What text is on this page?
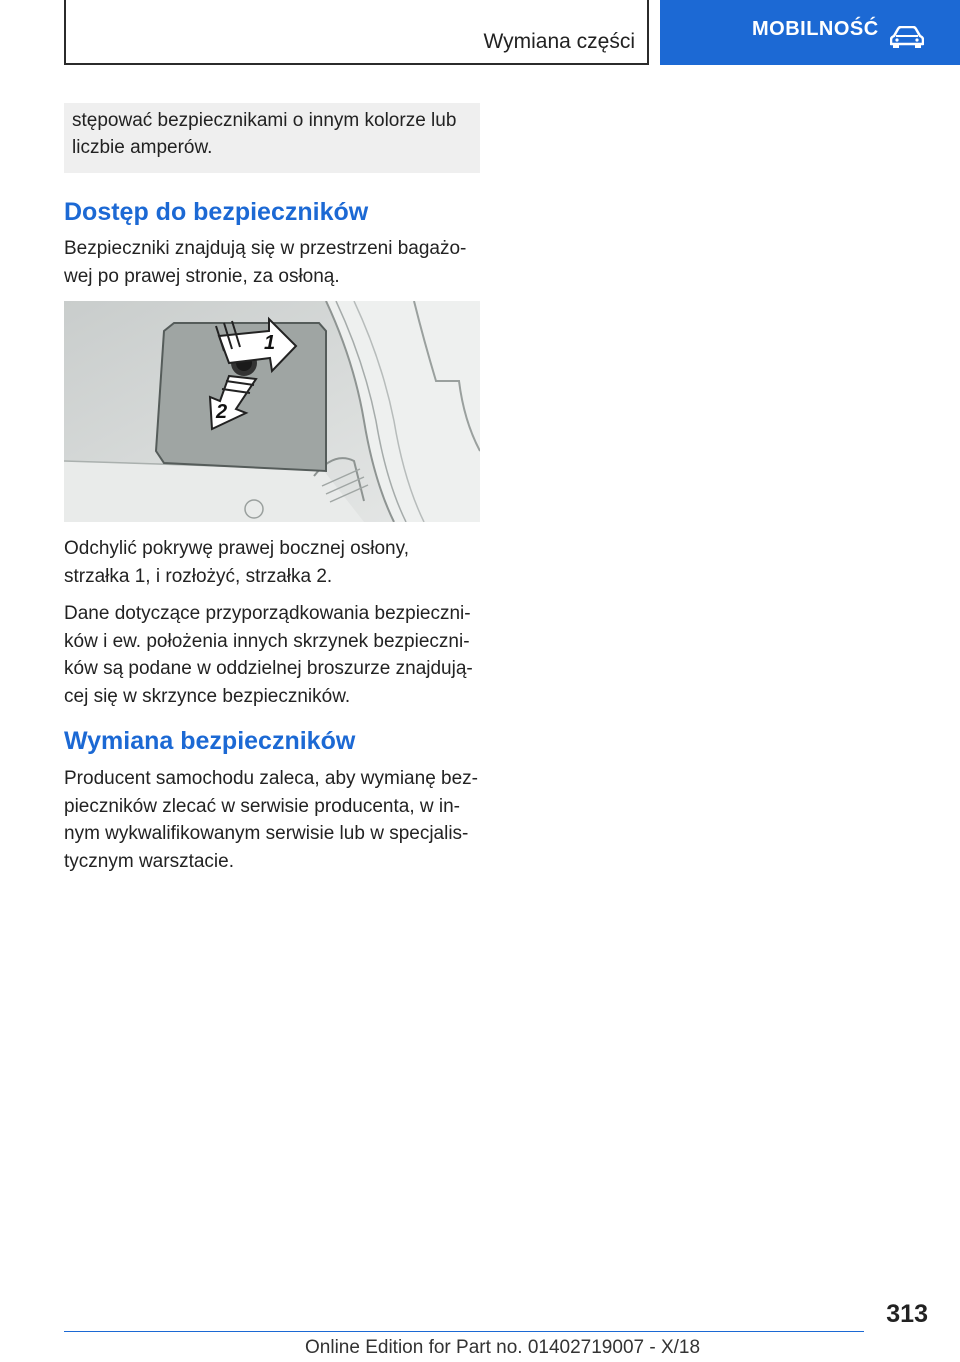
Wymiana części
MOBILNOŚĆ
stępować bezpiecznikami o innym kolorze lub
liczbie amperów.
Dostęp do bezpieczników
Bezpieczniki znajdują się w przestrzeni bagażo-
wej po prawej stronie, za osłoną.
1
2
Odchylić pokrywę prawej bocznej osłony,
strzałka 1, i rozłożyć, strzałka 2.
Dane dotyczące przyporządkowania bezpieczni-
ków i ew. położenia innych skrzynek bezpieczni-
ków są podane w oddzielnej broszurze znajdują-
cej się w skrzynce bezpieczników.
Wymiana bezpieczników
Producent samochodu zaleca, aby wymianę bez-
pieczników zlecać w serwisie producenta, w in-
nym wykwalifikowanym serwisie lub w specjalis-
tycznym warsztacie.
313
Online Edition for Part no. 01402719007 - X/18
